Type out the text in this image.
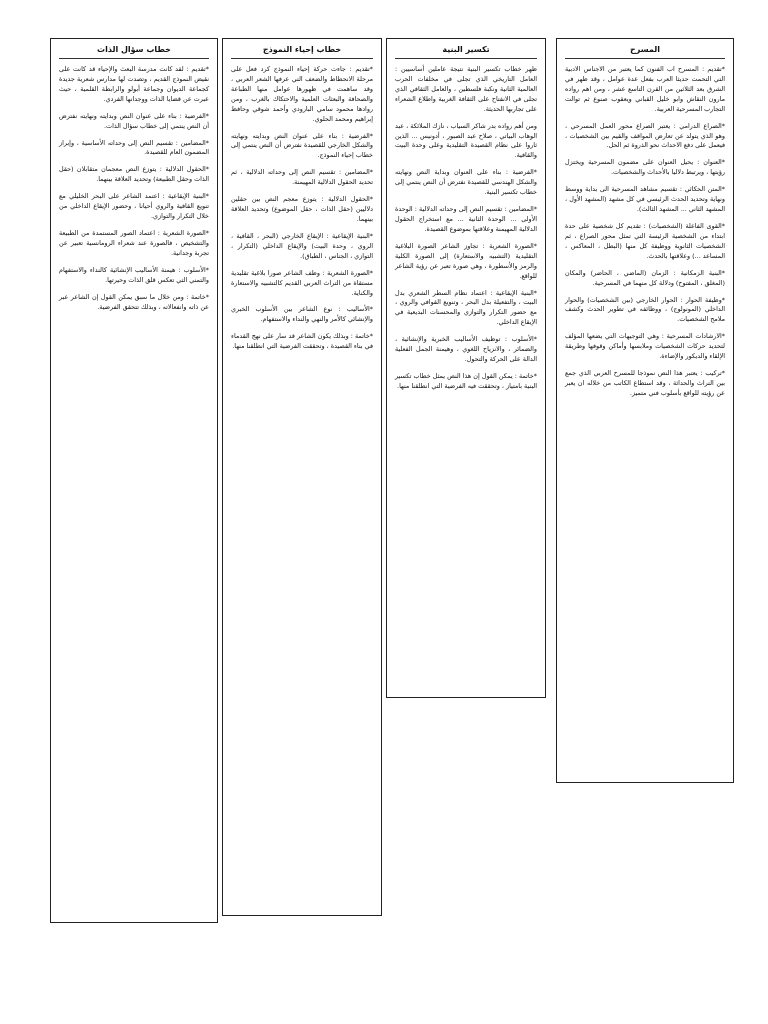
المسرح

*تقديم : المسرح اب الفنون كما يعتبر من الاجناس الادبية التي التحمت حديثا العرب بفعل عدة عوامل ، وقد ظهر في الشرق بعد الثلاثين من القرن التاسع عشر ، ومن اهم رواده مارون النقاش وابو خليل القباني ويعقوب صنوع ثم توالت التجارب المسرحية العربية.

*الصراع الدرامي : يعتبر الصراع محور العمل المسرحي ، وهو الذي يتولد عن تعارض المواقف والقيم بين الشخصيات ، فيعمل على دفع الاحداث نحو الذروة ثم الحل.

*العنوان : يحيل العنوان على مضمون المسرحية ويختزل رؤيتها ، ويرتبط دلاليا بالأحداث والشخصيات.

*المتن الحكائي : تقسيم مشاهد المسرحية الى بداية ووسط ونهاية وتحديد الحدث الرئيسي في كل مشهد (المشهد الأول ، المشهد الثاني ... المشهد الثالث).

*القوى الفاعلة (الشخصيات) : تقديم كل شخصية على حدة ابتداء من الشخصية الرئيسة التي تمثل محور الصراع ، ثم الشخصيات الثانوية ووظيفة كل منها (البطل ، المعاكس ، المساعد ...) وعلاقتها بالحدث.

*البنية الزمكانية : الزمان (الماضي ، الحاضر) والمكان (المغلق ، المفتوح) ودلالة كل منهما في المسرحية.

*وظيفة الحوار : الحوار الخارجي (بين الشخصيات) والحوار الداخلي (المونولوج) ، ووظائفه في تطوير الحدث وكشف ملامح الشخصيات.

*الارشادات المسرحية : وهي التوجيهات التي يضعها المؤلف لتحديد حركات الشخصيات وملابسها وأماكن وقوفها وطريقة الإلقاء والديكور والإضاءة.

*تركيب : يعتبر هذا النص نموذجا للمسرح العربي الذي جمع بين التراث والحداثة ، وقد استطاع الكاتب من خلاله ان يعبر عن رؤيته للواقع بأسلوب فني متميز.

تكسير البنية

ظهر خطاب تكسير البنية نتيجة عاملين أساسيين : العامل التاريخي الذي تجلى في مخلفات الحرب العالمية الثانية ونكبة فلسطين ، والعامل الثقافي الذي تجلى في الانفتاح على الثقافة الغربية واطلاع الشعراء على تجاربها الحديثة.

ومن أهم رواده بدر شاكر السياب ، نازك الملائكة ، عبد الوهاب البياتي ، صلاح عبد الصبور ، أدونيس ... الذين ثاروا على نظام القصيدة التقليدية وعلى وحدة البيت والقافية.

*الفرضية : بناء على العنوان وبداية النص ونهايته والشكل الهندسي للقصيدة نفترض أن النص ينتمي إلى خطاب تكسير البنية.

*المضامين : تقسيم النص إلى وحداته الدلالية : الوحدة الأولى ... الوحدة الثانية ... مع استخراج الحقول الدلالية المهيمنة وعلاقتها بموضوع القصيدة.

*الصورة الشعرية : تجاوز الشاعر الصورة البلاغية التقليدية (التشبيه والاستعارة) إلى الصورة الكلية والرمز والأسطورة ، وهي صورة تعبر عن رؤية الشاعر للواقع.

*البنية الإيقاعية : اعتماد نظام السطر الشعري بدل البيت ، والتفعيلة بدل البحر ، وتنويع القوافي والروي ، مع حضور التكرار والتوازي والمحسنات البديعية في الإيقاع الداخلي.

*الأسلوب : توظيف الأساليب الخبرية والإنشائية ، والضمائر ، والانزياح اللغوي ، وهيمنة الجمل الفعلية الدالة على الحركة والتحول.

*خاتمة : يمكن القول إن هذا النص يمثل خطاب تكسير البنية بامتياز ، وتحققت فيه الفرضية التي انطلقنا منها.

خطاب إحياء النموذج

*تقديم : جاءت حركة إحياء النموذج كرد فعل على مرحلة الانحطاط والضعف التي عرفها الشعر العربي ، وقد ساهمت في ظهورها عوامل منها الطباعة والصحافة والبعثات العلمية والاحتكاك بالغرب ، ومن روادها محمود سامي البارودي وأحمد شوقي وحافظ إبراهيم ومحمد الحلوي.

*الفرضية : بناء على عنوان النص وبدايته ونهايته والشكل الخارجي للقصيدة نفترض أن النص ينتمي إلى خطاب إحياء النموذج.

*المضامين : تقسيم النص إلى وحداته الدلالية ، ثم تحديد الحقول الدلالية المهيمنة.

*الحقول الدلالية : يتوزع معجم النص بين حقلين دلاليين (حقل الذات ، حقل الموضوع) وتحديد العلاقة بينهما.

*البنية الإيقاعية : الإيقاع الخارجي (البحر ، القافية ، الروي ، وحدة البيت) والإيقاع الداخلي (التكرار ، التوازي ، الجناس ، الطباق).

*الصورة الشعرية : وظف الشاعر صورا بلاغية تقليدية مستقاة من التراث العربي القديم كالتشبيه والاستعارة والكناية.

*الأساليب : نوع الشاعر بين الأسلوب الخبري والإنشائي كالأمر والنهي والنداء والاستفهام.

*خاتمة : وبذلك يكون الشاعر قد سار على نهج القدماء في بناء القصيدة ، وتحققت الفرضية التي انطلقنا منها.

خطاب سؤال الذات

*تقديم : لقد كانت مدرسة البعث والإحياء قد كانت على نقيض النموذج القديم ، وتصدت لها مدارس شعرية جديدة كجماعة الديوان وجماعة أبولو والرابطة القلمية ، حيث عبرت عن قضايا الذات ووجدانها الفردي.

*الفرضية : بناء على عنوان النص وبدايته ونهايته نفترض أن النص ينتمي إلى خطاب سؤال الذات.

*المضامين : تقسيم النص إلى وحداته الأساسية ، وإبراز المضمون العام للقصيدة.

*الحقول الدلالية : يتوزع النص معجمان متقابلان (حقل الذات وحقل الطبيعة) وتحديد العلاقة بينهما.

*البنية الإيقاعية : اعتمد الشاعر على البحر الخليلي مع تنويع القافية والروي أحيانا ، وحضور الإيقاع الداخلي من خلال التكرار والتوازي.

*الصورة الشعرية : اعتماد الصور المستمدة من الطبيعة والتشخيص ، فالصورة عند شعراء الرومانسية تعبير عن تجربة وجدانية.

*الأسلوب : هيمنة الأساليب الإنشائية كالنداء والاستفهام والتمني التي تعكس قلق الذات وحيرتها.

*خاتمة : ومن خلال ما سبق يمكن القول إن الشاعر عبر عن ذاته وانفعالاته ، وبذلك تتحقق الفرضية.
